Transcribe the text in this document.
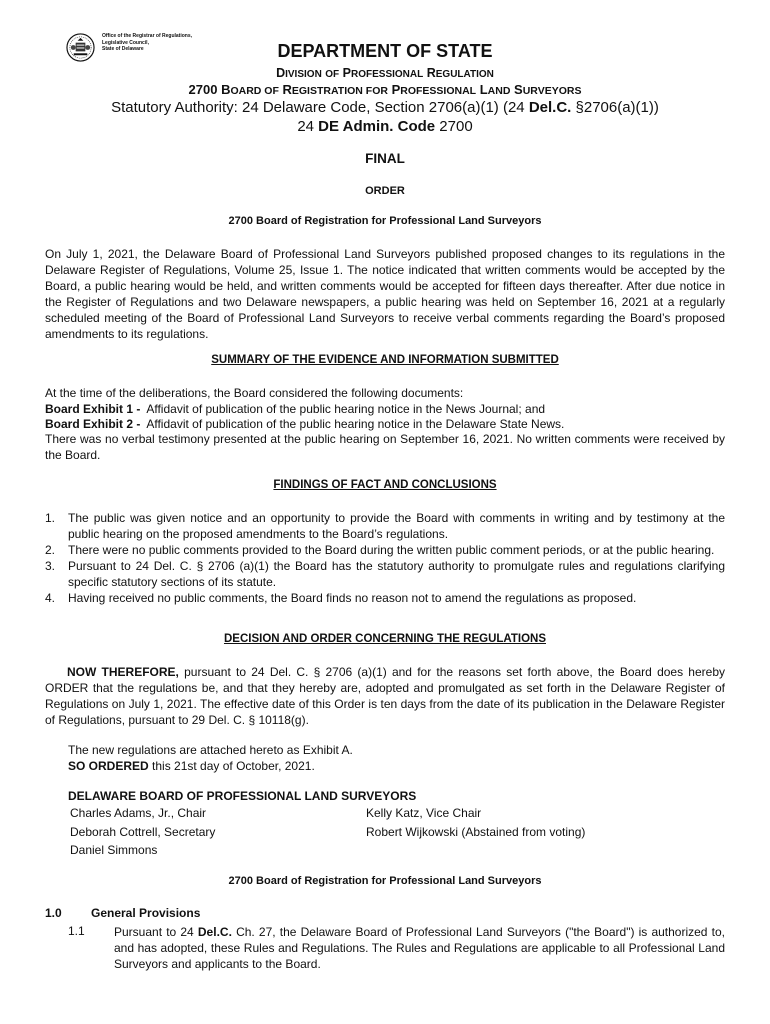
Office of the Registrar of Regulations,
Legislative Council,
State of Delaware	DEPARTMENT OF STATE
DIVISION OF PROFESSIONAL REGULATION
2700 BOARD OF REGISTRATION FOR PROFESSIONAL LAND SURVEYORS
Statutory Authority: 24 Delaware Code, Section 2706(a)(1) (24 Del.C. §2706(a)(1))
24 DE Admin. Code 2700
FINAL
ORDER
2700 Board of Registration for Professional Land Surveyors
On July 1, 2021, the Delaware Board of Professional Land Surveyors published proposed changes to its regulations in the Delaware Register of Regulations, Volume 25, Issue 1. The notice indicated that written comments would be accepted by the Board, a public hearing would be held, and written comments would be accepted for fifteen days thereafter. After due notice in the Register of Regulations and two Delaware newspapers, a public hearing was held on September 16, 2021 at a regularly scheduled meeting of the Board of Professional Land Surveyors to receive verbal comments regarding the Board’s proposed amendments to its regulations.
SUMMARY OF THE EVIDENCE AND INFORMATION SUBMITTED
At the time of the deliberations, the Board considered the following documents:
Board Exhibit 1 - Affidavit of publication of the public hearing notice in the News Journal; and
Board Exhibit 2 - Affidavit of publication of the public hearing notice in the Delaware State News.
There was no verbal testimony presented at the public hearing on September 16, 2021. No written comments were received by the Board.
FINDINGS OF FACT AND CONCLUSIONS
1. The public was given notice and an opportunity to provide the Board with comments in writing and by testimony at the public hearing on the proposed amendments to the Board’s regulations.
2. There were no public comments provided to the Board during the written public comment periods, or at the public hearing.
3. Pursuant to 24 Del. C. § 2706 (a)(1) the Board has the statutory authority to promulgate rules and regulations clarifying specific statutory sections of its statute.
4. Having received no public comments, the Board finds no reason not to amend the regulations as proposed.
DECISION AND ORDER CONCERNING THE REGULATIONS
NOW THEREFORE, pursuant to 24 Del. C. § 2706 (a)(1) and for the reasons set forth above, the Board does hereby ORDER that the regulations be, and that they hereby are, adopted and promulgated as set forth in the Delaware Register of Regulations on July 1, 2021. The effective date of this Order is ten days from the date of its publication in the Delaware Register of Regulations, pursuant to 29 Del. C. § 10118(g).
The new regulations are attached hereto as Exhibit A.
SO ORDERED this 21st day of October, 2021.
DELAWARE BOARD OF PROFESSIONAL LAND SURVEYORS
Charles Adams, Jr., Chair	Kelly Katz, Vice Chair
Deborah Cottrell, Secretary	Robert Wijkowski (Abstained from voting)
Daniel Simmons
2700 Board of Registration for Professional Land Surveyors
1.0 General Provisions
1.1 Pursuant to 24 Del.C. Ch. 27, the Delaware Board of Professional Land Surveyors ("the Board") is authorized to, and has adopted, these Rules and Regulations. The Rules and Regulations are applicable to all Professional Land Surveyors and applicants to the Board.
